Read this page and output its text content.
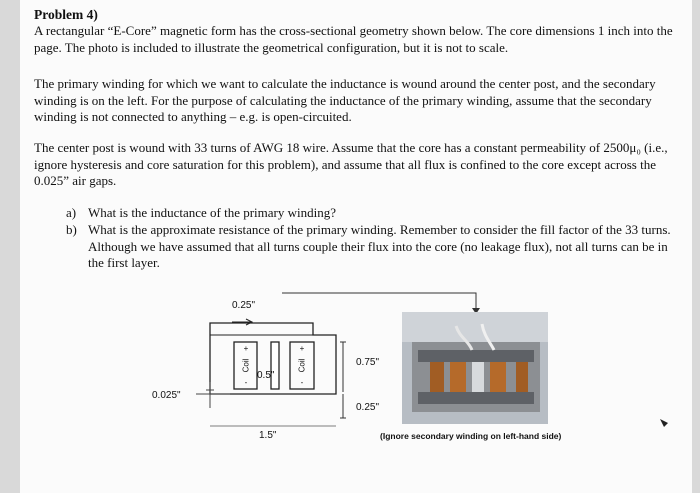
Problem 4)
A rectangular “E-Core” magnetic form has the cross-sectional geometry shown below. The core dimensions 1 inch into the page. The photo is included to illustrate the geometrical configuration, but it is not to scale.
The primary winding for which we want to calculate the inductance is wound around the center post, and the secondary winding is on the left. For the purpose of calculating the inductance of the primary winding, assume that the secondary winding is not connected to anything – e.g. is open-circuited.
The center post is wound with 33 turns of AWG 18 wire. Assume that the core has a constant permeability of 2500μ₀ (i.e., ignore hysteresis and core saturation for this problem), and assume that all flux is confined to the core except across the 0.025” air gaps.
a) What is the inductance of the primary winding?
b) What is the approximate resistance of the primary winding. Remember to consider the fill factor of the 33 turns. Although we have assumed that all turns couple their flux into the core (no leakage flux), not all turns can be in the first layer.
0.25"
0.5"
0.75"
0.25"
0.025"
1.5"
+
Coil
-
+
Coil
-
(Ignore secondary winding on left-hand side)
